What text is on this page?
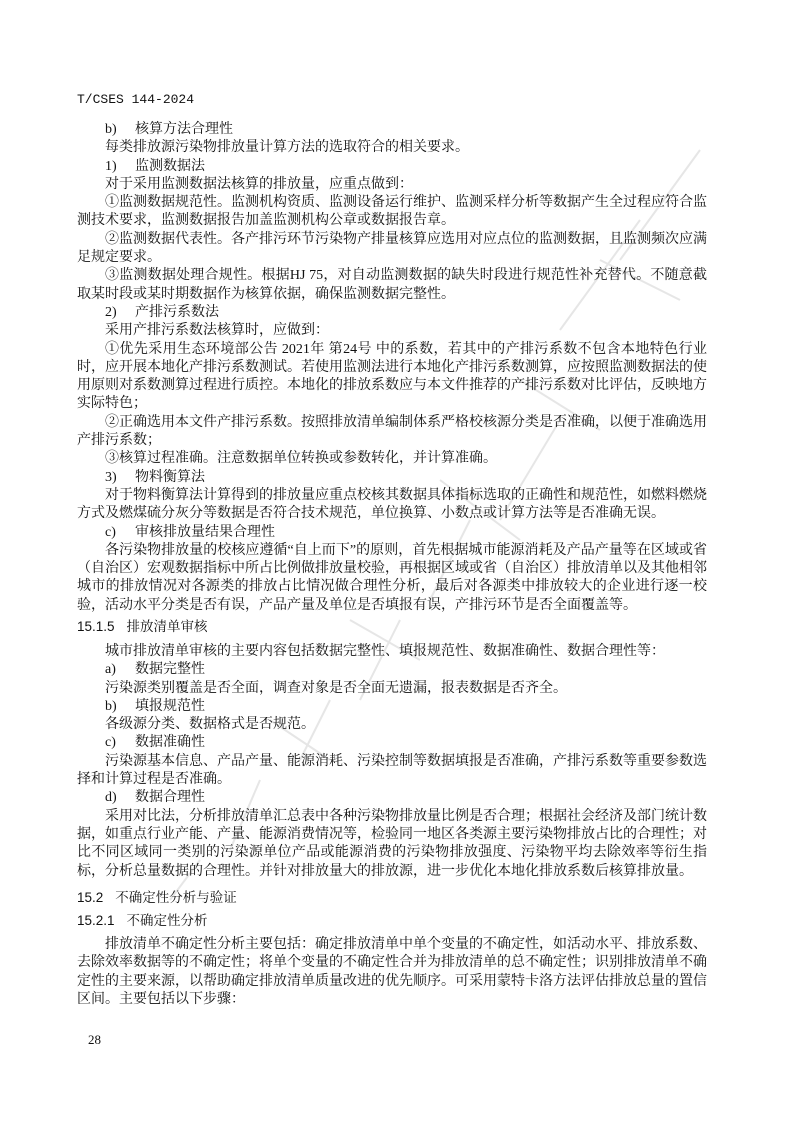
T/CSES 144-2024
b) 核算方法合理性
每类排放源污染物排放量计算方法的选取符合的相关要求。
1) 监测数据法
对于采用监测数据法核算的排放量，应重点做到：
①监测数据规范性。监测机构资质、监测设备运行维护、监测采样分析等数据产生全过程应符合监测技术要求，监测数据报告加盖监测机构公章或数据报告章。
②监测数据代表性。各产排污环节污染物产排量核算应选用对应点位的监测数据，且监测频次应满足规定要求。
③监测数据处理合规性。根据HJ 75，对自动监测数据的缺失时段进行规范性补充替代。不随意截取某时段或某时期数据作为核算依据，确保监测数据完整性。
2) 产排污系数法
采用产排污系数法核算时，应做到：
①优先采用生态环境部公告 2021年 第24号 中的系数，若其中的产排污系数不包含本地特色行业时，应开展本地化产排污系数测试。若使用监测法进行本地化产排污系数测算，应按照监测数据法的使用原则对系数测算过程进行质控。本地化的排放系数应与本文件推荐的产排污系数对比评估，反映地方实际特色；
②正确选用本文件产排污系数。按照排放清单编制体系严格校核源分类是否准确，以便于准确选用产排污系数；
③核算过程准确。注意数据单位转换或参数转化，并计算准确。
3) 物料衡算法
对于物料衡算法计算得到的排放量应重点校核其数据具体指标选取的正确性和规范性，如燃料燃烧方式及燃煤硫分灰分等数据是否符合技术规范，单位换算、小数点或计算方法等是否准确无误。
c) 审核排放量结果合理性
各污染物排放量的校核应遵循“自上而下”的原则，首先根据城市能源消耗及产品产量等在区域或省（自治区）宏观数据指标中所占比例做排放量校验，再根据区域或省（自治区）排放清单以及其他相邻城市的排放情况对各源类的排放占比情况做合理性分析，最后对各源类中排放较大的企业进行逐一校验，活动水平分类是否有误，产品产量及单位是否填报有误，产排污环节是否全面覆盖等。
15.1.5 排放清单审核
城市排放清单审核的主要内容包括数据完整性、填报规范性、数据准确性、数据合理性等：
a) 数据完整性
污染源类别覆盖是否全面，调查对象是否全面无遗漏，报表数据是否齐全。
b) 填报规范性
各级源分类、数据格式是否规范。
c) 数据准确性
污染源基本信息、产品产量、能源消耗、污染控制等数据填报是否准确，产排污系数等重要参数选择和计算过程是否准确。
d) 数据合理性
采用对比法，分析排放清单汇总表中各种污染物排放量比例是否合理；根据社会经济及部门统计数据，如重点行业产能、产量、能源消费情况等，检验同一地区各类源主要污染物排放占比的合理性；对比不同区域同一类别的污染源单位产品或能源消费的污染物排放强度、污染物平均去除效率等衍生指标，分析总量数据的合理性。并针对排放量大的排放源，进一步优化本地化排放系数后核算排放量。
15.2 不确定性分析与验证
15.2.1 不确定性分析
排放清单不确定性分析主要包括：确定排放清单中单个变量的不确定性，如活动水平、排放系数、去除效率数据等的不确定性；将单个变量的不确定性合并为排放清单的总不确定性；识别排放清单不确定性的主要来源，以帮助确定排放清单质量改进的优先顺序。可采用蒙特卡洛方法评估排放总量的置信区间。主要包括以下步骤：
28
